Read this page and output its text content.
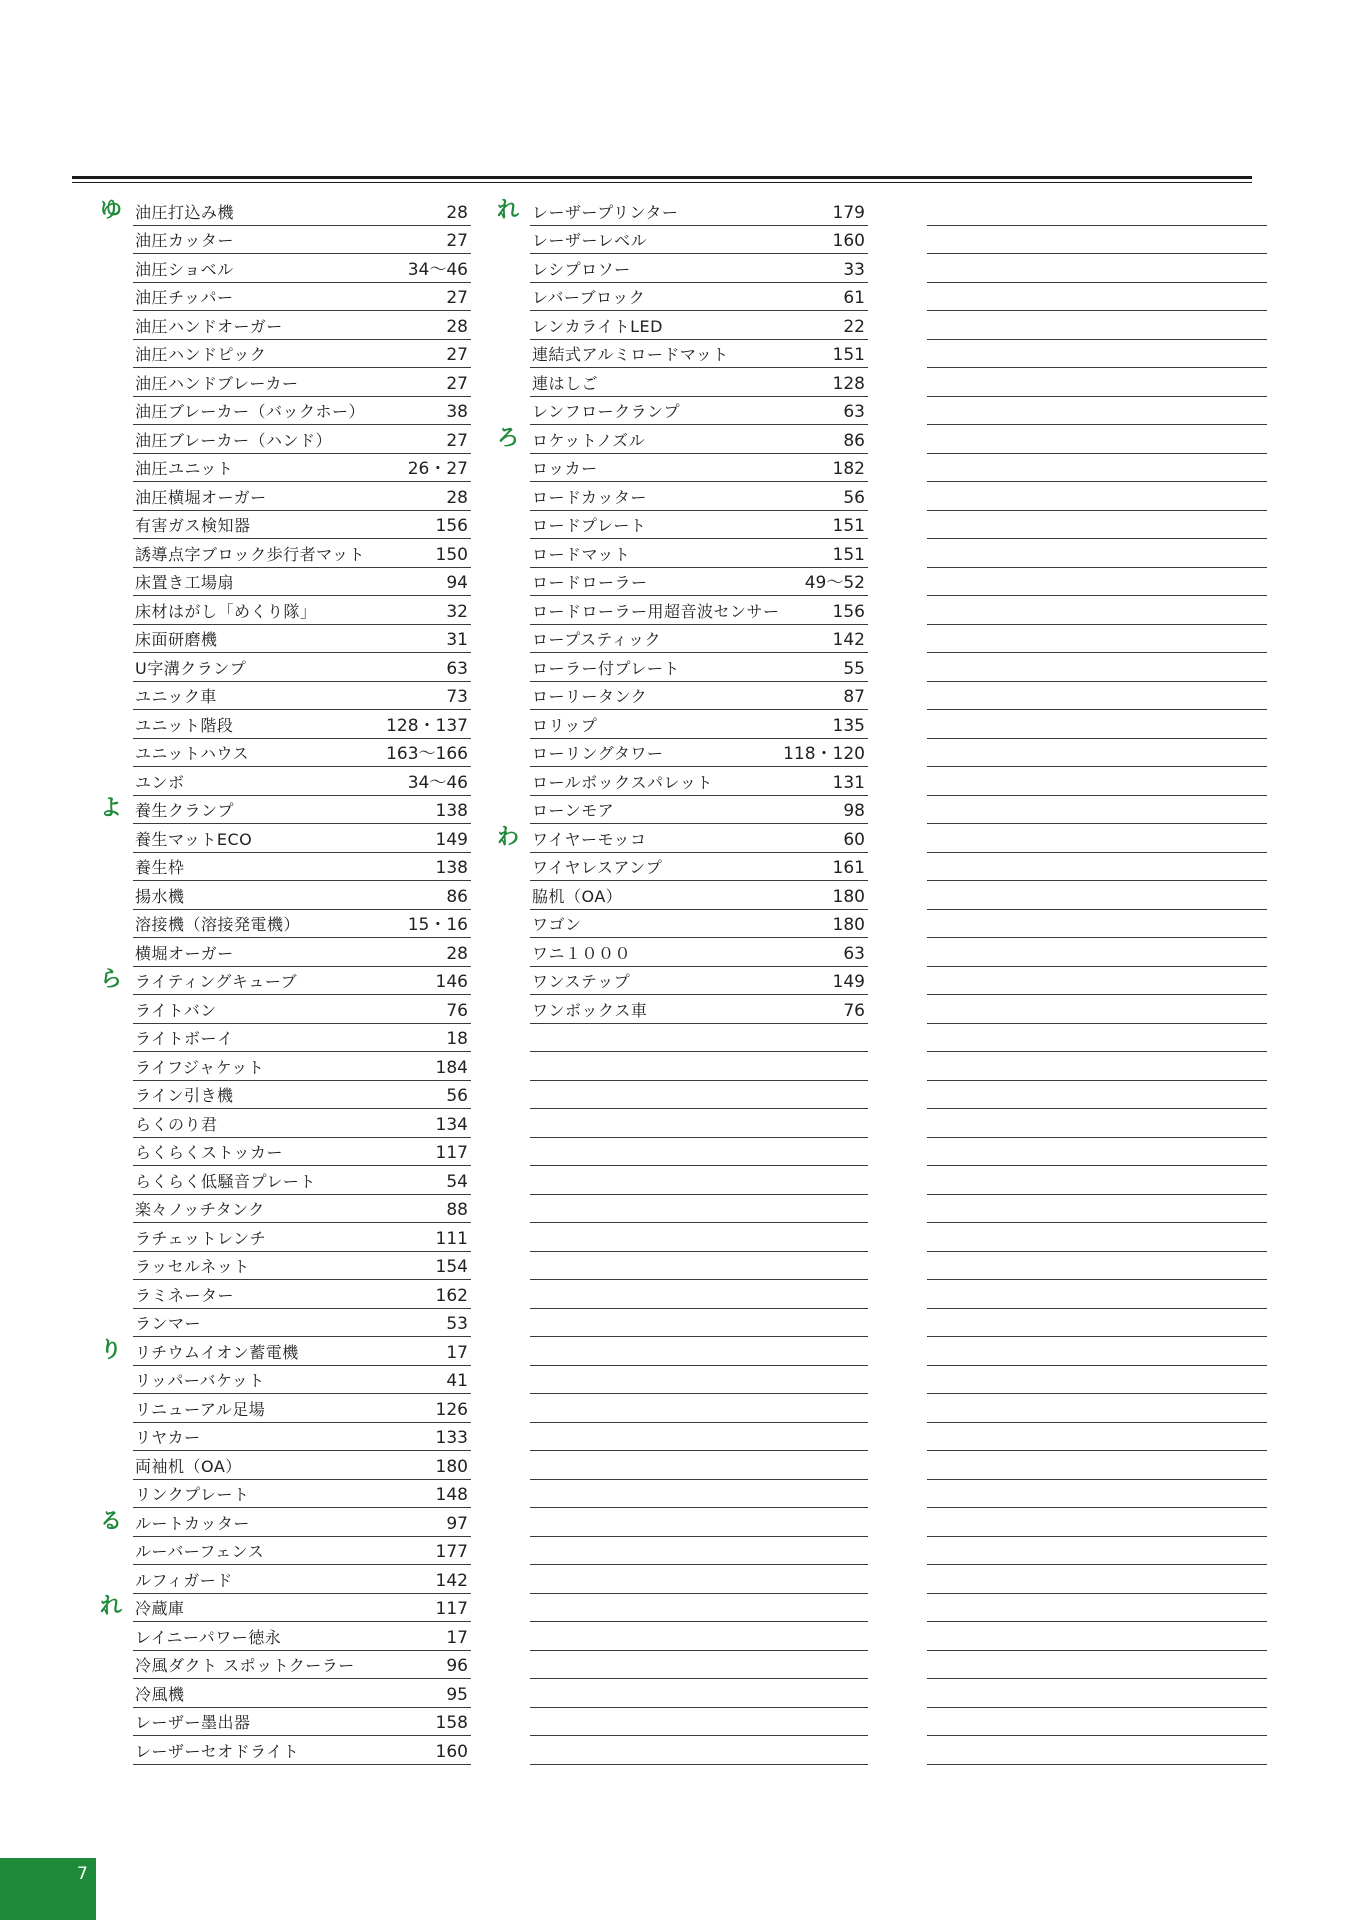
ゆ 油圧打込み機	28
油圧カッター	27
油圧ショベル	34〜46
油圧チッパー	27
油圧ハンドオーガー	28
油圧ハンドピック	27
油圧ハンドブレーカー	27
油圧ブレーカー（バックホー）	38
油圧ブレーカー（ハンド）	27
油圧ユニット	26・27
油圧横堀オーガー	28
有害ガス検知器	156
誘導点字ブロック歩行者マット	150
床置き工場扇	94
床材はがし「めくり隊」	32
床面研磨機	31
U字溝クランプ	63
ユニック車	73
ユニット階段	128・137
ユニットハウス	163〜166
ユンボ	34〜46
よ 養生クランプ	138
養生マットECO	149
養生枠	138
揚水機	86
溶接機（溶接発電機）	15・16
横堀オーガー	28
ら ライティングキューブ	146
ライトバン	76
ライトボーイ	18
ライフジャケット	184
ライン引き機	56
らくのり君	134
らくらくストッカー	117
らくらく低騒音プレート	54
楽々ノッチタンク	88
ラチェットレンチ	111
ラッセルネット	154
ラミネーター	162
ランマー	53
り リチウムイオン蓄電機	17
リッパーバケット	41
リニューアル足場	126
リヤカー	133
両袖机（OA）	180
リンクプレート	148
る ルートカッター	97
ルーバーフェンス	177
ルフィガード	142
れ 冷蔵庫	117
レイニーパワー徳永	17
冷風ダクト スポットクーラー	96
冷風機	95
レーザー墨出器	158
レーザーセオドライト	160
れ レーザープリンター	179
レーザーレベル	160
レシプロソー	33
レバーブロック	61
レンカライトLED	22
連結式アルミロードマット	151
連はしご	128
レンフロークランプ	63
ろ ロケットノズル	86
ロッカー	182
ロードカッター	56
ロードプレート	151
ロードマット	151
ロードローラー	49〜52
ロードローラー用超音波センサー	156
ロープスティック	142
ローラー付プレート	55
ローリータンク	87
ロリップ	135
ローリングタワー	118・120
ロールボックスパレット	131
ローンモア	98
わ ワイヤーモッコ	60
ワイヤレスアンプ	161
脇机（OA）	180
ワゴン	180
ワニ１０００	63
ワンステップ	149
ワンボックス車	76
7
